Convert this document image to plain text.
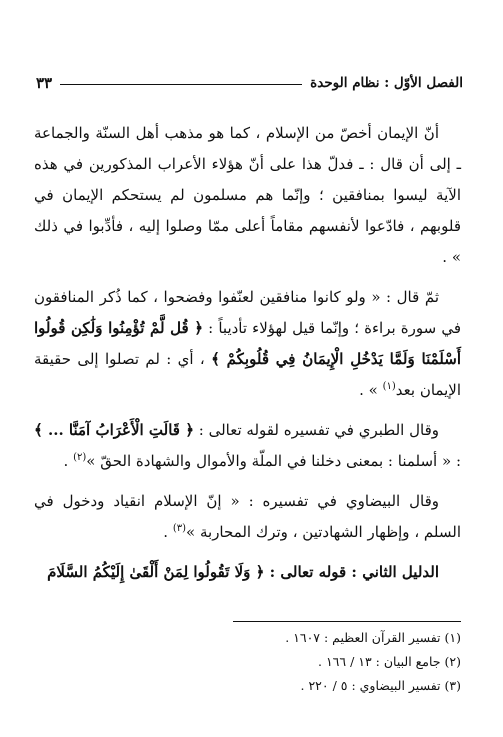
الفصل الأوّل : نظام الوحدة
٣٣

أنّ الإيمان أخصّ من الإسلام ، كما هو مذهب أهل السنّة والجماعة ـ إلى أن قال : ـ فدلّ هذا على أنّ هؤلاء الأعراب المذكورين في هذه الآية ليسوا بمنافقين ؛ وإنّما هم مسلمون لم يستحكم الإيمان في قلوبهم ، فادّعوا لأنفسهم مقاماً أعلى ممّا وصلوا إليه ، فأدِّبوا في ذلك » .

ثمّ قال : « ولو كانوا منافقين لعنّفوا وفضحوا ، كما ذُكر المنافقون في سورة براءة ؛ وإنّما قيل لهؤلاء تأديباً : ﴿ قُل لَّمْ تُؤْمِنُوا وَلَٰكِن قُولُوا أَسْلَمْنَا وَلَمَّا يَدْخُلِ الْإِيمَانُ فِي قُلُوبِكُمْ ﴾ ، أي : لم تصلوا إلى حقيقة الإيمان بعد$^{(١)}$ » .

وقال الطبري في تفسيره لقوله تعالى : ﴿ قَالَتِ الْأَعْرَابُ آمَنَّا ... ﴾ : « أسلمنا : بمعنى دخلنا في الملّة والأموال والشهادة الحقّ »$^{(٢)}$ .

وقال البيضاوي في تفسيره : « إنّ الإسلام انقياد ودخول في السلم ، وإظهار الشهادتين ، وترك المحاربة »$^{(٣)}$ .

الدليل الثاني : قوله تعالى : ﴿ وَلَا تَقُولُوا لِمَنْ أَلْقَىٰ إِلَيْكُمُ السَّلَامَ

(١) تفسير القرآن العظيم : ١٦٠٧ .
(٢) جامع البيان : ١٣ / ١٦٦ .
(٣) تفسير البيضاوي : ٥ / ٢٢٠ .
